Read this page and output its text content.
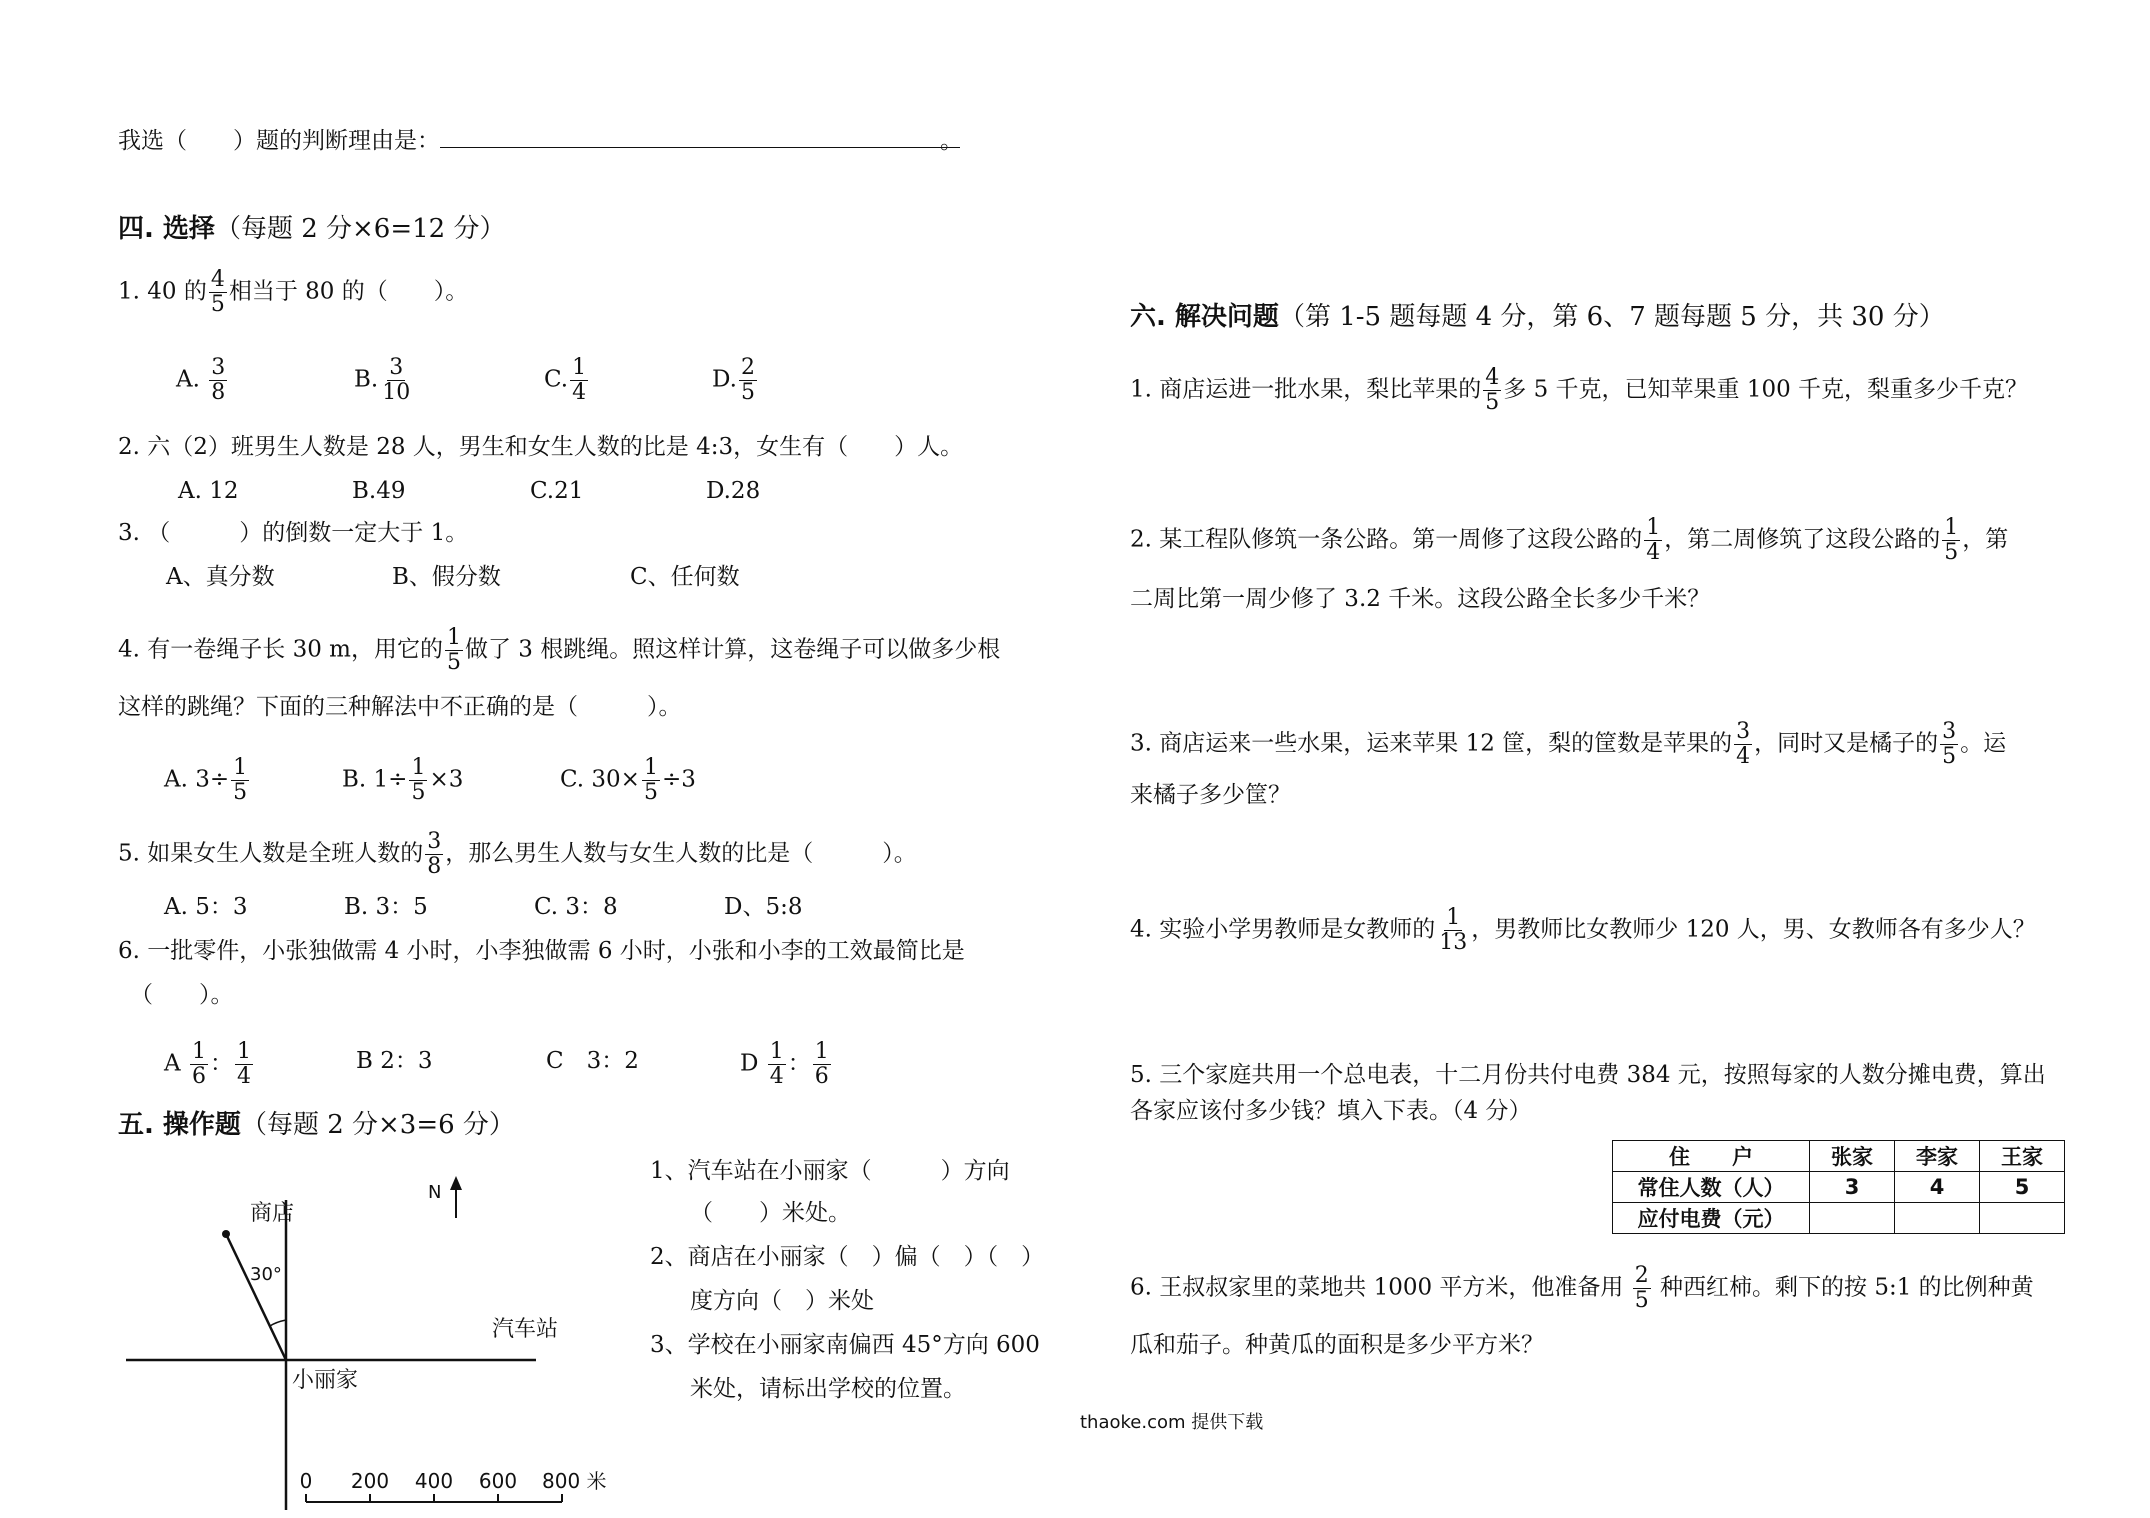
我选（　　）题的判断理由是：	。
四. 选择（每题 2 分×6=12 分）
1. 40 的 $\frac{4}{5}$ 相当于 80 的（　　）。
A. $\frac{3}{8}$	B. $\frac{3}{10}$	C. $\frac{1}{4}$	D. $\frac{2}{5}$
2. 六（2）班男生人数是 28 人，男生和女生人数的比是 4:3，女生有（　　）人。
A. 12	B.49	C.21	D.28
3. （　　　）的倒数一定大于 1。
A、真分数	B、假分数	C、任何数
4. 有一卷绳子长 30 m，用它的 $\frac{1}{5}$ 做了 3 根跳绳。照这样计算，这卷绳子可以做多少根
这样的跳绳？下面的三种解法中不正确的是（　　　）。
A. $3\div \frac{1}{5}$	B. $1\div \frac{1}{5} \times 3$	C. $30\times \frac{1}{5} \div 3$
5. 如果女生人数是全班人数的 $\frac{3}{8}$ ，那么男生人数与女生人数的比是（　　　）。
A. 5：3	B. 3：5	C. 3：8	D、5:8
6. 一批零件，小张独做需 4 小时，小李独做需 6 小时，小张和小李的工效最简比是
（　　）。
A $\frac{1}{6}$ ： $\frac{1}{4}$	B 2：3	C　3：2	D $\frac{1}{4}$ ： $\frac{1}{6}$
五. 操作题（每题 2 分×3=6 分）
商店
30°
小丽家
汽车站
N
0 200 400 600 800 米
1、汽车站在小丽家（　　　）方向
（　　）米处。
2、商店在小丽家（　）偏（　）（　）
度方向（　）米处
3、学校在小丽家南偏西 45°方向 600
米处，请标出学校的位置。
thaoke.com 提供下载
六. 解决问题（第 1-5 题每题 4 分，第 6、7 题每题 5 分，共 30 分）
1. 商店运进一批水果，梨比苹果的 $\frac{4}{5}$ 多 5 千克，已知苹果重 100 千克，梨重多少千克？
2. 某工程队修筑一条公路。第一周修了这段公路的 $\frac{1}{4}$ ，第二周修筑了这段公路的 $\frac{1}{5}$ ，第
二周比第一周少修了 3.2 千米。这段公路全长多少千米？
3. 商店运来一些水果，运来苹果 12 筐，梨的筐数是苹果的 $\frac{3}{4}$ ，同时又是橘子的 $\frac{3}{5}$ 。运
来橘子多少筐？
4. 实验小学男教师是女教师的 $\frac{1}{13}$ ，男教师比女教师少 120 人，男、女教师各有多少人？
5. 三个家庭共用一个总电表，十二月份共付电费 384 元，按照每家的人数分摊电费，算出
各家应该付多少钱？填入下表。（4 分）
住　　户	张家	李家	王家
常住人数（人）	3	4	5
应付电费（元）			
6. 王叔叔家里的菜地共 1000 平方米，他准备用 $\frac{2}{5}$ 种西红柿。剩下的按 5:1 的比例种黄
瓜和茄子。种黄瓜的面积是多少平方米？
